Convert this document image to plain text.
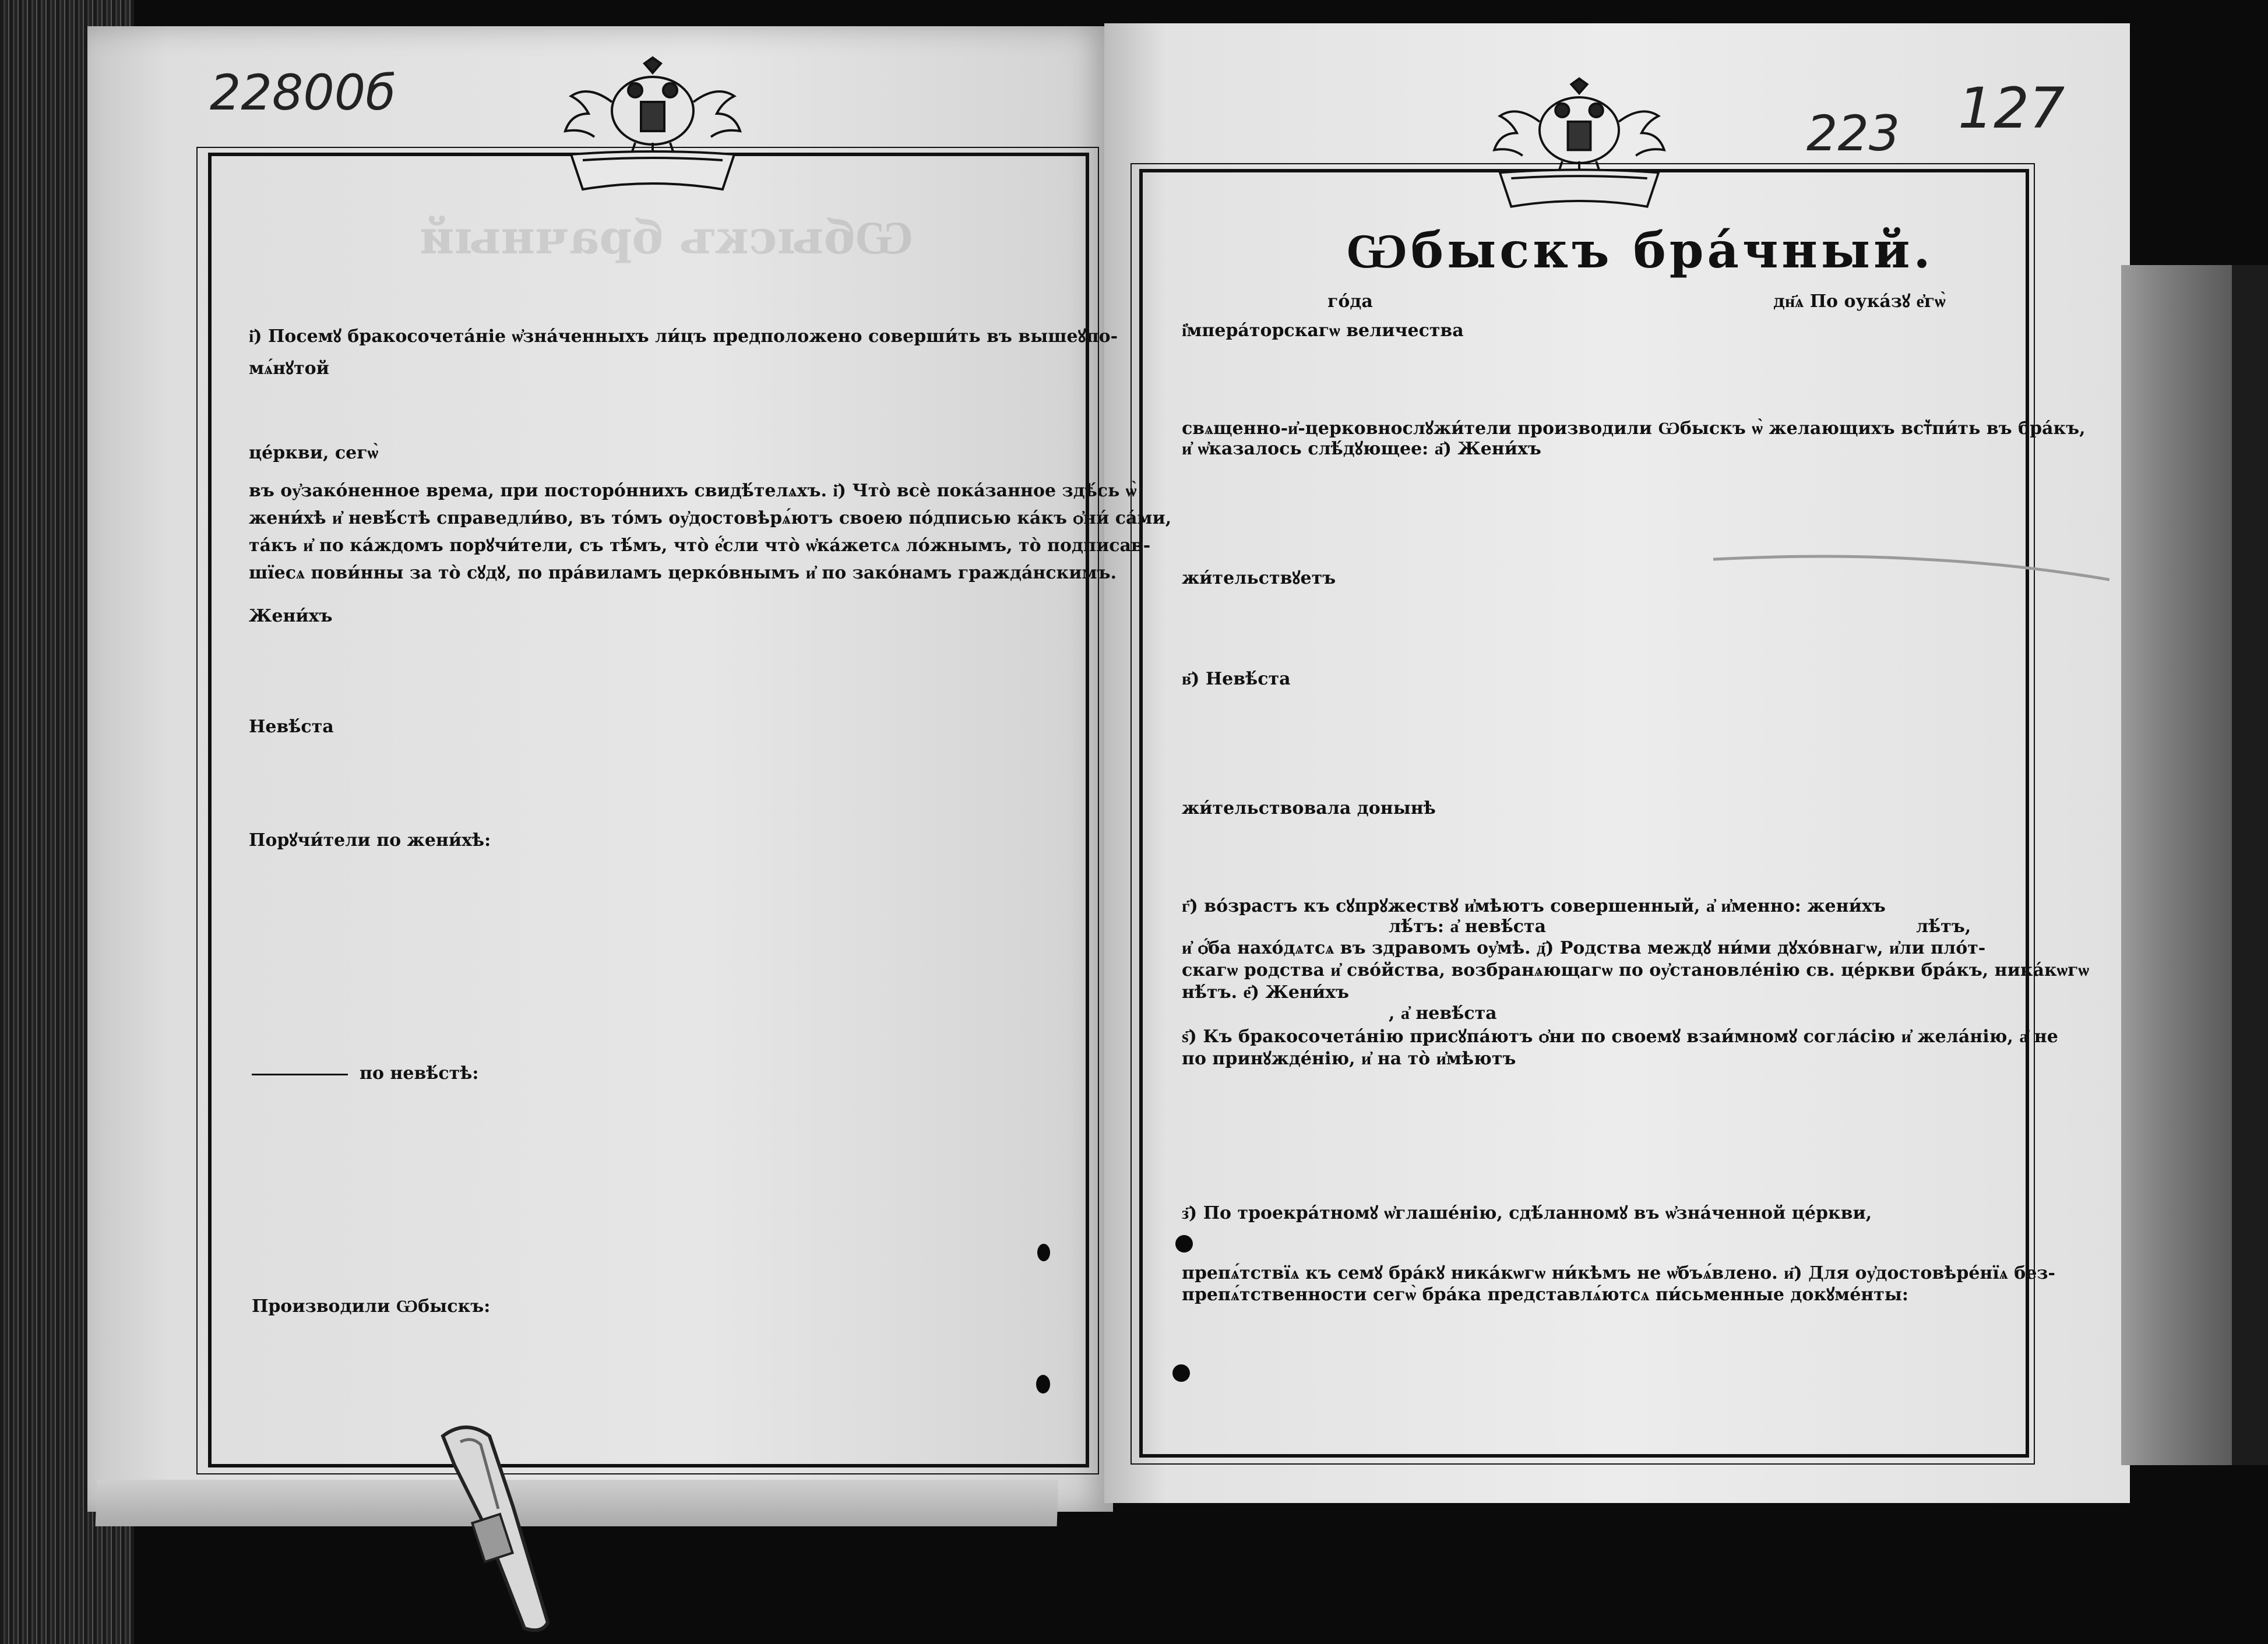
Ѡбыскъ брачный
22800б
і҃) Посемꙋ бракосочета́ніе ѡ҆зна́ченныхъ ли́цъ предположено соверши́ть въ вышеꙋпо-
мѧ́нꙋтой
це́ркви, сегѡ̀
въ оу҆зако́ненное врема, при посторо́ннихъ свидѣ́телѧхъ. і҃) Что̀ всѐ пока́занное здѣ́сь ѡ̀
жени́хѣ и҆ невѣ́стѣ справедли́во, въ то́мъ оу҆достовѣрѧ́ютъ своею по́дписью ка́къ ѻ҆ни́ са́ми,
та́къ и҆ по ка́ждомъ порꙋчи́тели, съ тѣ́мъ, что̀ е҆́сли что̀ ѡ҆ка́жетсѧ ло́жнымъ, то̀ подписав-
шїесѧ пови́нны за то̀ сꙋдꙋ, по пра́виламъ церко́внымъ и҆ по зако́намъ гражда́нскимъ.
Жени́хъ
Невѣ́ста
Порꙋчи́тели по жени́хѣ:
по невѣ́стѣ:
Производили Ѡбыскъ:
223 127
Ѡбыскъ бра́чный.
го́да	дн҃ѧ По оука́зꙋ е҆гѡ̀
і҆мпера́торскагѡ величества
свѧщенно-и҆-церковнослꙋжи́тели производили Ѡбыскъ ѡ̀ желающихъ вст꙽пи́ть въ бра́къ,
и҆ ѡ҆казалось слѣ́дꙋющее: а҃) Жени́хъ
жи́тельствꙋетъ
в҃) Невѣ́ста
жи́тельствовала донынѣ
г҃) во́зрастъ къ сꙋпрꙋжествꙋ и҆мѣютъ совершенный, а҆ и҆менно: жени́хъ
лѣ́тъ: а҆ невѣ́ста	лѣ́тъ,
и҆ ѻ҆́ба нахо́дѧтсѧ въ здравомъ оу҆мѣ. д҃) Родства междꙋ ни́ми дꙋхо́внагѡ, и҆ли пло́т-
скагѡ родства и҆ сво́йства, возбранѧющагѡ по оу҆становле́нію св. це́ркви бра́къ, ника́кѡгѡ
нѣ́тъ. е҃) Жени́хъ
, а҆ невѣ́ста
ѕ҃) Къ бракосочета́нію присꙋпа́ютъ ѻ҆ни по своемꙋ взаи́мномꙋ согла́сію и҆ жела́нію, а҆ не
по принꙋжде́нію, и҆ на то̀ и҆мѣютъ
з҃) По троекра́тномꙋ ѡ҆глаше́нію, сдѣ́ланномꙋ въ ѡ҆зна́ченной це́ркви,
препѧ́тствїѧ къ семꙋ бра́кꙋ ника́кѡгѡ ни́кѣмъ не ѡ҆бъѧ́влено. и҃) Для оу҆достовѣре́нїѧ без-
препѧ́тственности сегѡ̀ бра́ка представлѧ́ютсѧ пи́сьменные докꙋме́нты:
